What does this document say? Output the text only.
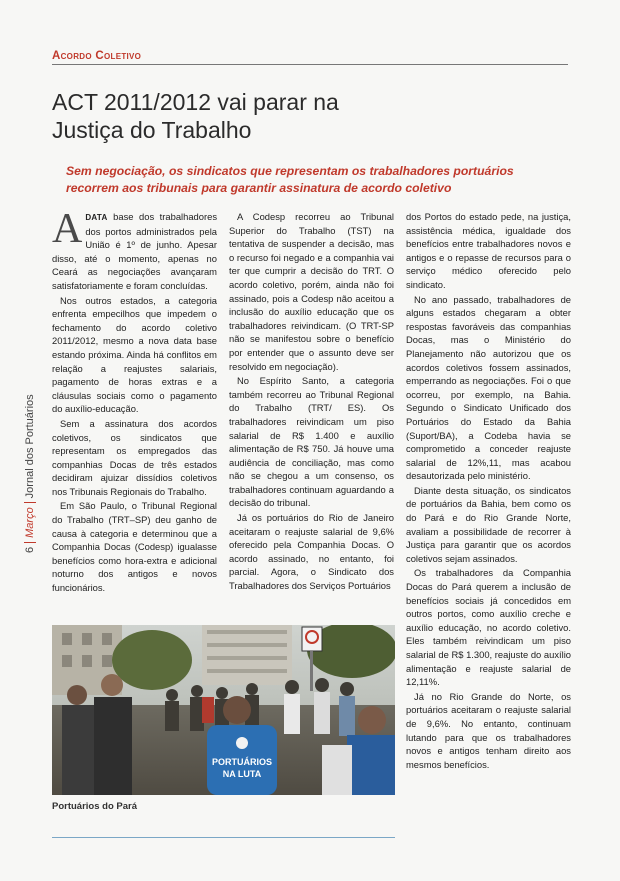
Acordo Coletivo
ACT 2011/2012 vai parar na
Justiça do Trabalho

Sem negociação, os sindicatos que representam os trabalhadores portuários
recorrem aos tribunais para garantir assinatura de acordo coletivo

6MarçoJornal dos Portuários

ADATA base dos trabalhadores dos portos administrados pela União é 1º de junho. Apesar disso, até o momento, apenas no Ceará as negociações avançaram satisfatoriamente e foram concluídas.

Nos outros estados, a categoria enfrenta empecilhos que impedem o fechamento do acordo coletivo 2011/2012, mesmo a nova data base estando próxima. Ainda há conflitos em relação a reajustes salariais, pagamento de horas extras e a cláusulas sociais como o pagamento do auxílio-educação.

Sem a assinatura dos acordos coletivos, os sindicatos que representam os empregados das companhias Docas de três estados decidiram ajuizar dissídios coletivos nos Tribunais Regionais do Trabalho.

Em São Paulo, o Tribunal Regional do Trabalho (TRT–SP) deu ganho de causa à categoria e determinou que a Companhia Docas (Codesp) igualasse benefícios como hora-extra e adicional noturno dos antigos e novos funcionários.

A Codesp recorreu ao Tribunal Superior do Trabalho (TST) na tentativa de suspender a decisão, mas o recurso foi negado e a companhia vai ter que cumprir a decisão do TRT. O acordo coletivo, porém, ainda não foi assinado, pois a Codesp não aceitou a inclusão do auxílio educação que os trabalhadores reivindicam. (O TRT-SP não se manifestou sobre o benefício por entender que o assunto deve ser resolvido em negociação).

No Espírito Santo, a categoria também recorreu ao Tribunal Regional do Trabalho (TRT/ ES). Os trabalhadores reivindicam um piso salarial de R$ 1.400 e auxílio alimentação de R$ 750. Já houve uma audiência de conciliação, mas como não se chegou a um consenso, os trabalhadores continuam aguardando a decisão do tribunal.

Já os portuários do Rio de Janeiro aceitaram o reajuste salarial de 9,6% oferecido pela Companhia Docas. O acordo assinado, no entanto, foi parcial. Agora, o Sindicato dos Trabalhadores dos Serviços Portuários

dos Portos do estado pede, na justiça, assistência médica, igualdade dos benefícios entre trabalhadores novos e antigos e o repasse de recursos para o serviço médico oferecido pelo sindicato.

No ano passado, trabalhadores de alguns estados chegaram a obter respostas favoráveis das companhias Docas, mas o Ministério do Planejamento não autorizou que os acordos coletivos fossem assinados, emperrando as negociações. Foi o que ocorreu, por exemplo, na Bahia. Segundo o Sindicato Unificado dos Portuários do Estado da Bahia (Suport/BA), a Codeba havia se comprometido a conceder reajuste salarial de 12%,11, mas acabou desautorizada pelo ministério.

Diante desta situação, os sindicatos de portuários da Bahia, bem como os do Pará e do Rio Grande Norte, avaliam a possibilidade de recorrer à Justiça para garantir que os acordos coletivos sejam assinados.

Os trabalhadores da Companhia Docas do Pará querem a inclusão de benefícios sociais já concedidos em outros portos, como auxílio creche e auxílio educação, no acordo coletivo. Eles também reivindicam um piso salarial de R$ 1.300, reajuste do auxílio alimentação e reajuste salarial de 12,11%.

Já no Rio Grande do Norte, os portuários aceitaram o reajuste salarial de 9,6%. No entanto, continuam lutando para que os trabalhadores novos e antigos tenham direito aos mesmos benefícios.

PORTUÁRIOS
NA LUTA
Portuários do Pará
